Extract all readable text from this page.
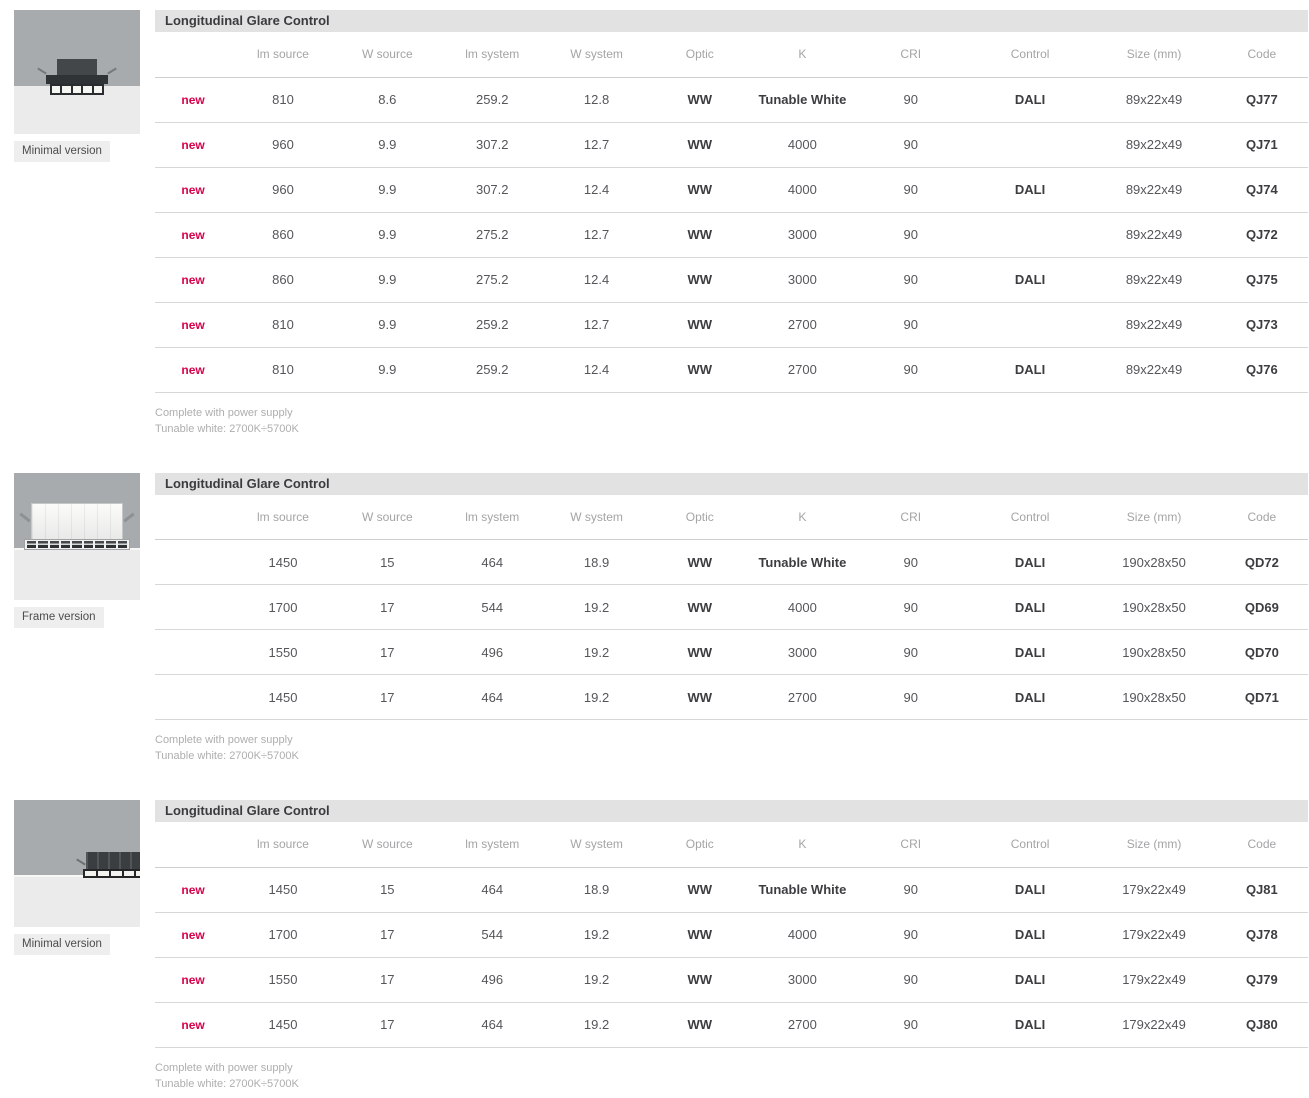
Minimal version
Longitudinal Glare Control
	lm source	W source	lm system	W system	Optic	K	CRI	Control	Size (mm)	Code
new	810	8.6	259.2	12.8	WW	Tunable White	90	DALI	89x22x49	QJ77
new	960	9.9	307.2	12.7	WW	4000	90		89x22x49	QJ71
new	960	9.9	307.2	12.4	WW	4000	90	DALI	89x22x49	QJ74
new	860	9.9	275.2	12.7	WW	3000	90		89x22x49	QJ72
new	860	9.9	275.2	12.4	WW	3000	90	DALI	89x22x49	QJ75
new	810	9.9	259.2	12.7	WW	2700	90		89x22x49	QJ73
new	810	9.9	259.2	12.4	WW	2700	90	DALI	89x22x49	QJ76
Complete with power supply
Tunable white: 2700K÷5700K
Frame version
Longitudinal Glare Control
	lm source	W source	lm system	W system	Optic	K	CRI	Control	Size (mm)	Code
	1450	15	464	18.9	WW	Tunable White	90	DALI	190x28x50	QD72
	1700	17	544	19.2	WW	4000	90	DALI	190x28x50	QD69
	1550	17	496	19.2	WW	3000	90	DALI	190x28x50	QD70
	1450	17	464	19.2	WW	2700	90	DALI	190x28x50	QD71
Complete with power supply
Tunable white: 2700K÷5700K
Minimal version
Longitudinal Glare Control
	lm source	W source	lm system	W system	Optic	K	CRI	Control	Size (mm)	Code
new	1450	15	464	18.9	WW	Tunable White	90	DALI	179x22x49	QJ81
new	1700	17	544	19.2	WW	4000	90	DALI	179x22x49	QJ78
new	1550	17	496	19.2	WW	3000	90	DALI	179x22x49	QJ79
new	1450	17	464	19.2	WW	2700	90	DALI	179x22x49	QJ80
Complete with power supply
Tunable white: 2700K÷5700K
